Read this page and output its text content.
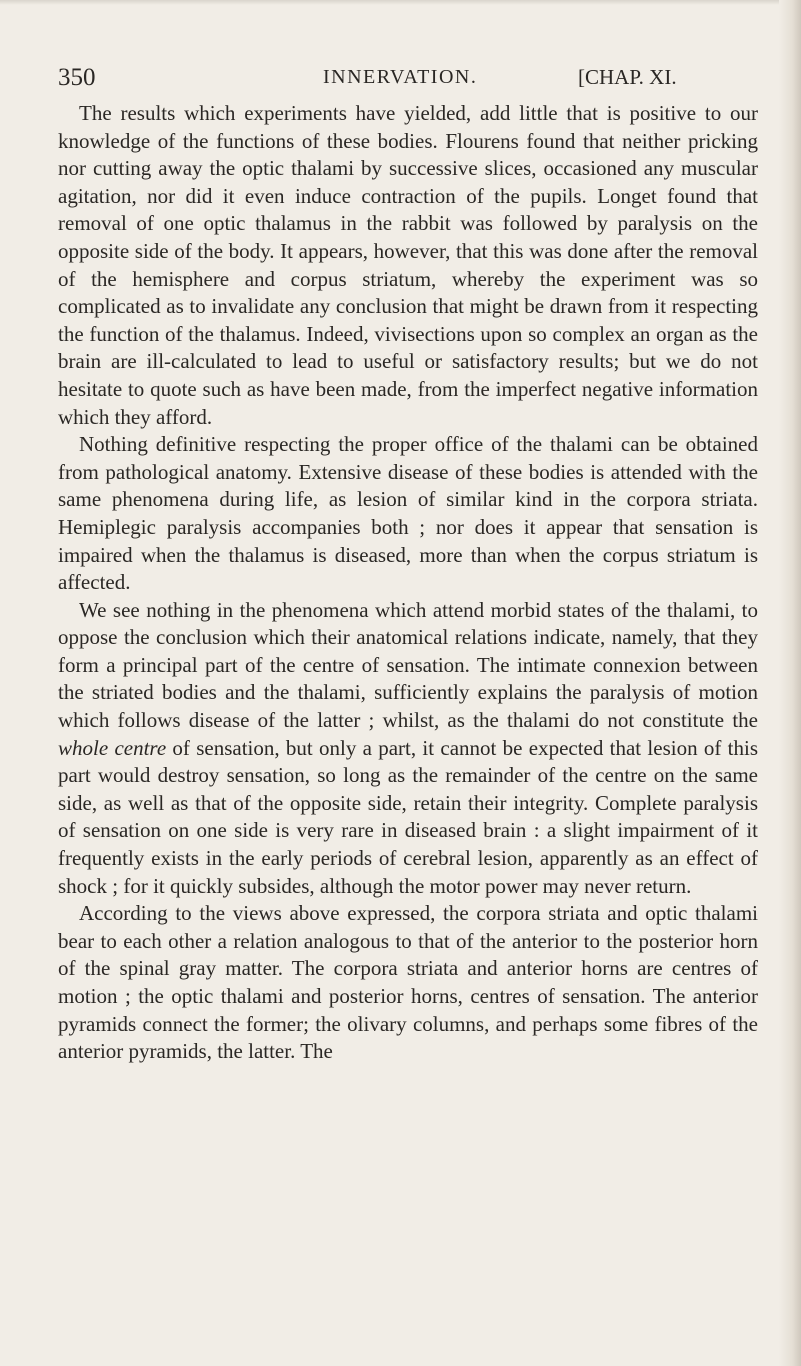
350	INNERVATION.	[CHAP. XI.

The results which experiments have yielded, add little that is positive to our knowledge of the functions of these bodies. Flourens found that neither pricking nor cutting away the optic thalami by successive slices, occasioned any muscular agitation, nor did it even induce contraction of the pupils. Longet found that removal of one optic thalamus in the rabbit was followed by paralysis on the opposite side of the body. It appears, however, that this was done after the removal of the hemisphere and corpus striatum, whereby the experiment was so complicated as to invalidate any conclusion that might be drawn from it respecting the function of the thalamus. Indeed, vivisections upon so complex an organ as the brain are ill-calculated to lead to useful or satisfactory results; but we do not hesitate to quote such as have been made, from the imperfect negative information which they afford.

Nothing definitive respecting the proper office of the thalami can be obtained from pathological anatomy. Extensive disease of these bodies is attended with the same phenomena during life, as lesion of similar kind in the corpora striata. Hemiplegic paralysis accompanies both ; nor does it appear that sensation is impaired when the thalamus is diseased, more than when the corpus striatum is affected.

We see nothing in the phenomena which attend morbid states of the thalami, to oppose the conclusion which their anatomical relations indicate, namely, that they form a principal part of the centre of sensation. The intimate connexion between the striated bodies and the thalami, sufficiently explains the paralysis of motion which follows disease of the latter ; whilst, as the thalami do not constitute the whole centre of sensation, but only a part, it cannot be expected that lesion of this part would destroy sensation, so long as the remainder of the centre on the same side, as well as that of the opposite side, retain their integrity. Complete paralysis of sensation on one side is very rare in diseased brain : a slight impairment of it frequently exists in the early periods of cerebral lesion, apparently as an effect of shock ; for it quickly subsides, although the motor power may never return.

According to the views above expressed, the corpora striata and optic thalami bear to each other a relation analogous to that of the anterior to the posterior horn of the spinal gray matter. The corpora striata and anterior horns are centres of motion ; the optic thalami and posterior horns, centres of sensation. The anterior pyramids connect the former; the olivary columns, and perhaps some fibres of the anterior pyramids, the latter. The
